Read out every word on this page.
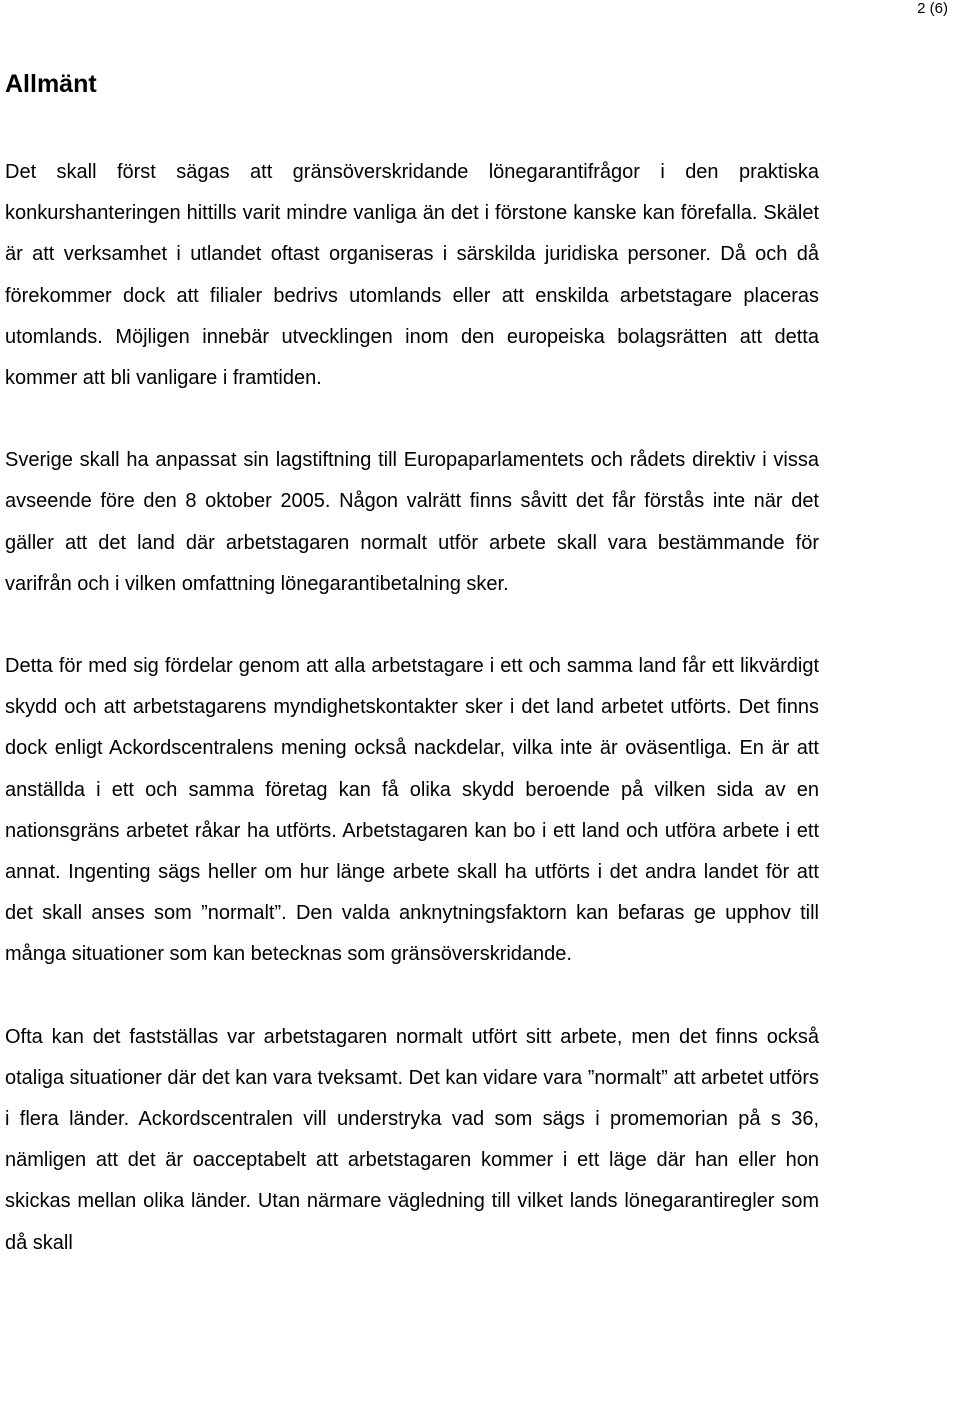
2 (6)
Allmänt

Det skall först sägas att gränsöverskridande lönegarantifrågor i den praktiska konkurshanteringen hittills varit mindre vanliga än det i förstone kanske kan förefalla. Skälet är att verksamhet i utlandet oftast organiseras i särskilda juridiska personer. Då och då förekommer dock att filialer bedrivs utomlands eller att enskilda arbetstagare placeras utomlands. Möjligen innebär utvecklingen inom den europeiska bolagsrätten att detta kommer att bli vanligare i framtiden.

Sverige skall ha anpassat sin lagstiftning till Europaparlamentets och rådets direktiv i vissa avseende före den 8 oktober 2005. Någon valrätt finns såvitt det får förstås inte när det gäller att det land där arbetstagaren normalt utför arbete skall vara bestämmande för varifrån och i vilken omfattning lönegarantibetalning sker.

Detta för med sig fördelar genom att alla arbetstagare i ett och samma land får ett likvärdigt skydd och att arbetstagarens myndighetskontakter sker i det land arbetet utförts. Det finns dock enligt Ackordscentralens mening också nackdelar, vilka inte är oväsentliga. En är att anställda i ett och samma företag kan få olika skydd beroende på vilken sida av en nationsgräns arbetet råkar ha utförts. Arbetstagaren kan bo i ett land och utföra arbete i ett annat. Ingenting sägs heller om hur länge arbete skall ha utförts i det andra landet för att det skall anses som ”normalt”. Den valda anknytningsfaktorn kan befaras ge upphov till många situationer som kan betecknas som gränsöverskridande.

Ofta kan det fastställas var arbetstagaren normalt utfört sitt arbete, men det finns också otaliga situationer där det kan vara tveksamt. Det kan vidare vara ”normalt” att arbetet utförs i flera länder. Ackordscentralen vill understryka vad som sägs i promemorian på s 36, nämligen att det är oacceptabelt att arbetstagaren kommer i ett läge där han eller hon skickas mellan olika länder. Utan närmare vägledning till vilket lands lönegarantiregler som då skall
